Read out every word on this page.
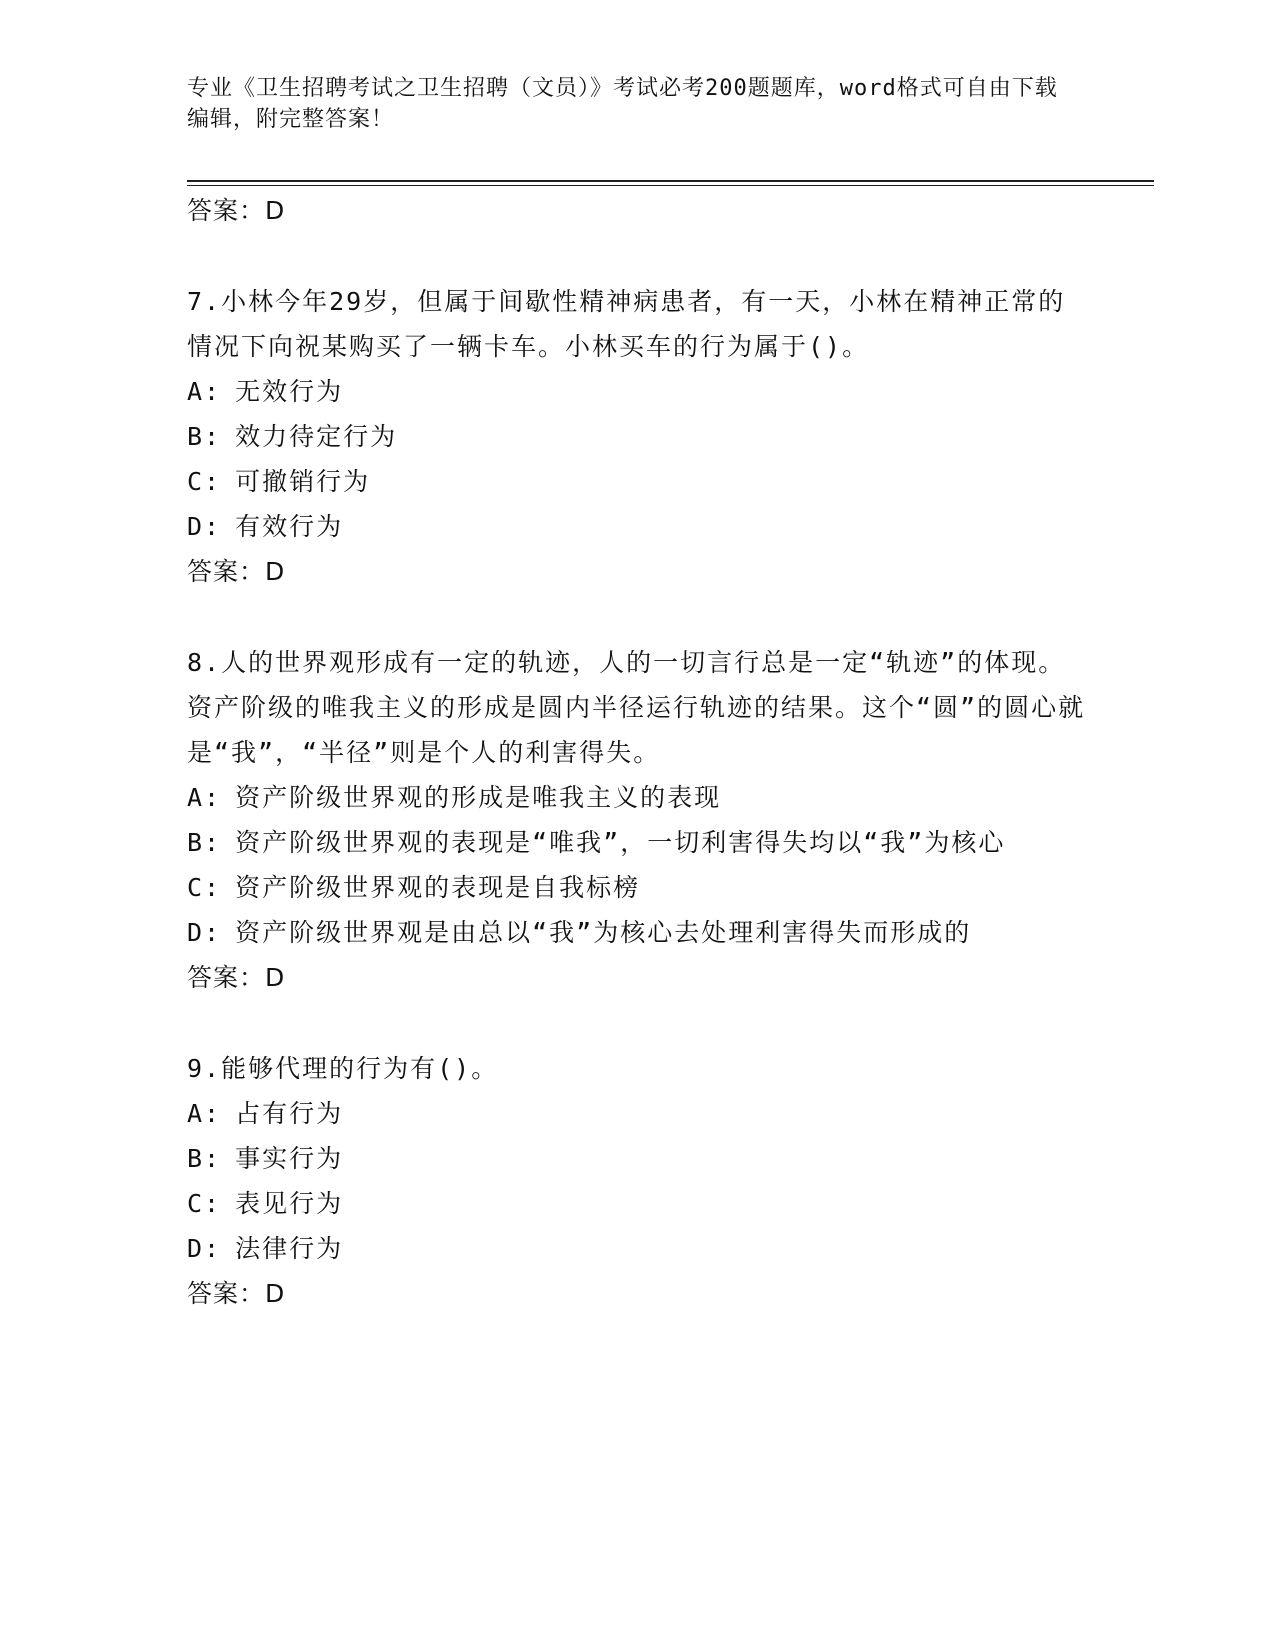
专业《卫生招聘考试之卫生招聘（文员）》考试必考200题题库，word格式可自由下载编辑，附完整答案！
答案：D
7.小林今年29岁，但属于间歇性精神病患者，有一天，小林在精神正常的情况下向祝某购买了一辆卡车。小林买车的行为属于()。
A: 无效行为
B: 效力待定行为
C: 可撤销行为
D: 有效行为
答案：D
8.人的世界观形成有一定的轨迹，人的一切言行总是一定“轨迹”的体现。资产阶级的唯我主义的形成是圆内半径运行轨迹的结果。这个“圆”的圆心就是“我”，“半径”则是个人的利害得失。
A: 资产阶级世界观的形成是唯我主义的表现
B: 资产阶级世界观的表现是“唯我”，一切利害得失均以“我”为核心
C: 资产阶级世界观的表现是自我标榜
D: 资产阶级世界观是由总以“我”为核心去处理利害得失而形成的
答案：D
9.能够代理的行为有()。
A: 占有行为
B: 事实行为
C: 表见行为
D: 法律行为
答案：D
